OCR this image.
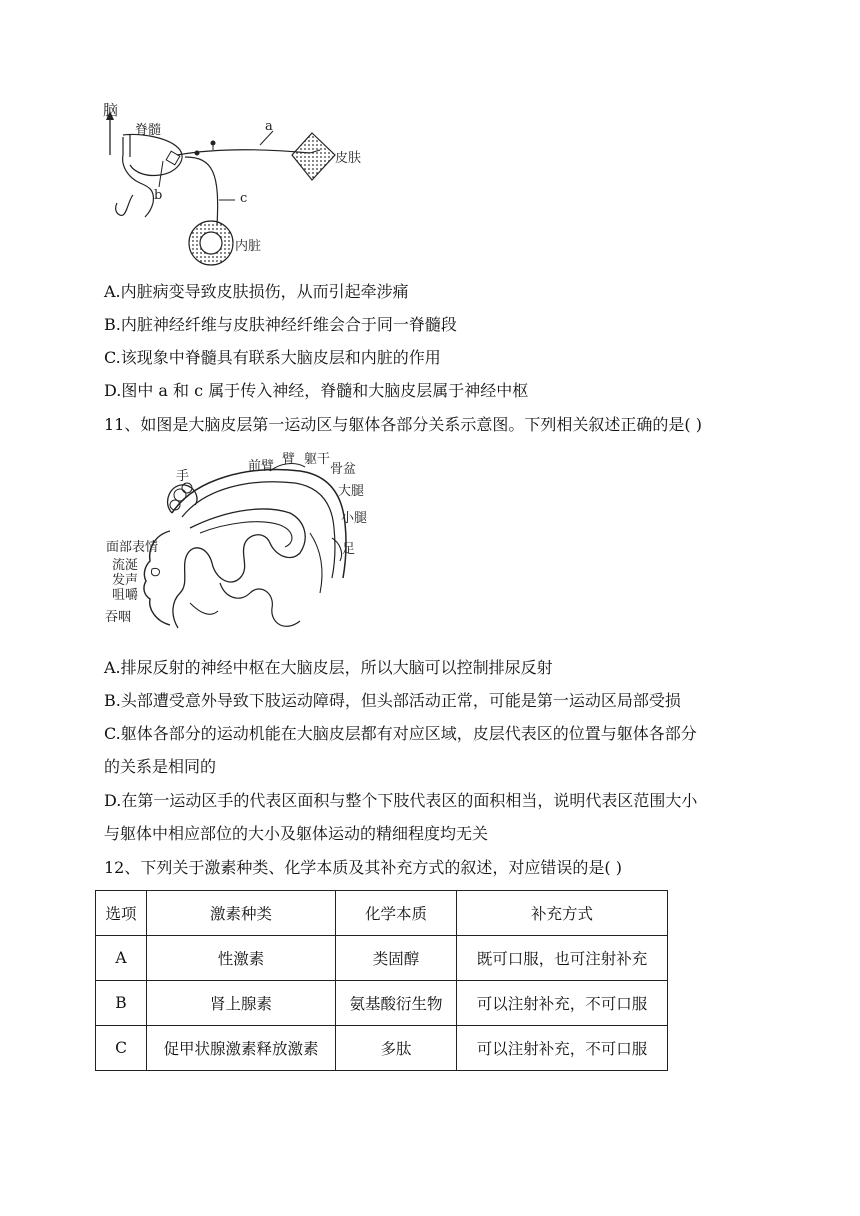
脑
脊髓	a
皮肤
b	c
内脏
A.内脏病变导致皮肤损伤，从而引起牵涉痛
B.内脏神经纤维与皮肤神经纤维会合于同一脊髓段
C.该现象中脊髓具有联系大脑皮层和内脏的作用
D.图中 a 和 c 属于传入神经，脊髓和大脑皮层属于神经中枢
11、如图是大脑皮层第一运动区与躯体各部分关系示意图。下列相关叙述正确的是( )
手
前臂 臂 躯干
骨盆
大腿
小腿
足
面部表情
流涎
发声
咀嚼
吞咽
A.排尿反射的神经中枢在大脑皮层，所以大脑可以控制排尿反射
B.头部遭受意外导致下肢运动障碍，但头部活动正常，可能是第一运动区局部受损
C.躯体各部分的运动机能在大脑皮层都有对应区域，皮层代表区的位置与躯体各部分
的关系是相同的
D.在第一运动区手的代表区面积与整个下肢代表区的面积相当，说明代表区范围大小
与躯体中相应部位的大小及躯体运动的精细程度均无关
12、下列关于激素种类、化学本质及其补充方式的叙述，对应错误的是( )
选项	激素种类	化学本质	补充方式
A	性激素	类固醇	既可口服，也可注射补充
B	肾上腺素	氨基酸衍生物	可以注射补充，不可口服
C	促甲状腺激素释放激素	多肽	可以注射补充，不可口服
